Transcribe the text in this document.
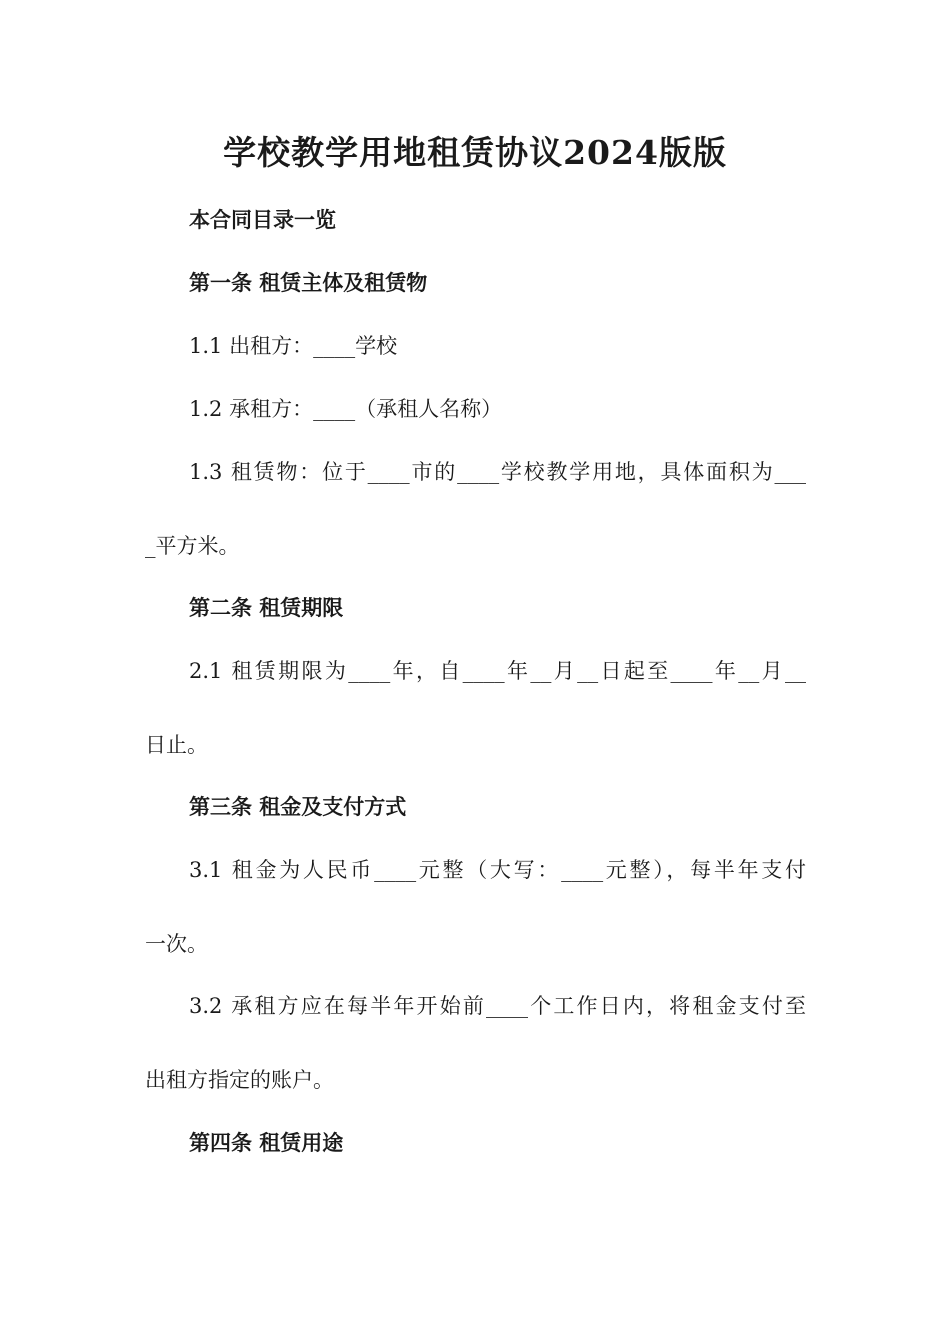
学校教学用地租赁协议2024版版
本合同目录一览
第一条 租赁主体及租赁物
1.1 出租方：____学校
1.2 承租方：____（承租人名称）
1.3 租赁物：位于____市的____学校教学用地，具体面积为___
_平方米。
第二条 租赁期限
2.1 租赁期限为____年，自____年__月__日起至____年__月__
日止。
第三条 租金及支付方式
3.1 租金为人民币____元整（大写：____元整），每半年支付
一次。
3.2 承租方应在每半年开始前____个工作日内，将租金支付至
出租方指定的账户。
第四条 租赁用途
